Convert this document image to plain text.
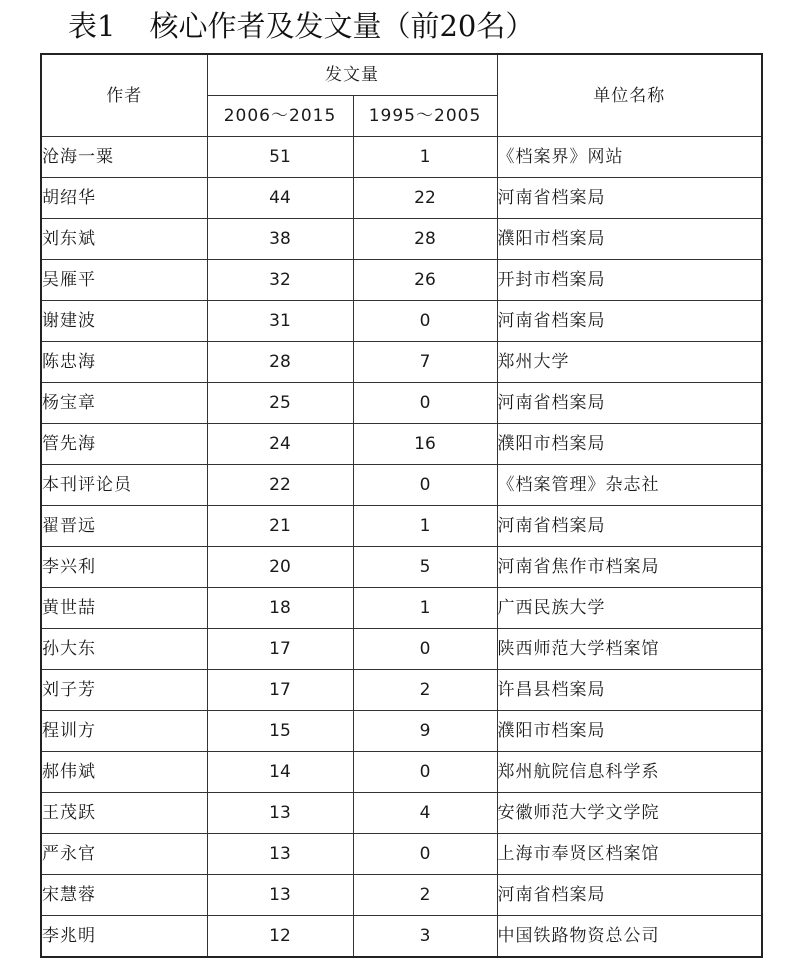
表1 核心作者及发文量（前20名）
作者	发文量		单位名称
	2006～2015	1995～2005	
沧海一粟	51	1	《档案界》网站
胡绍华	44	22	河南省档案局
刘东斌	38	28	濮阳市档案局
吴雁平	32	26	开封市档案局
谢建波	31	0	河南省档案局
陈忠海	28	7	郑州大学
杨宝章	25	0	河南省档案局
管先海	24	16	濮阳市档案局
本刊评论员	22	0	《档案管理》杂志社
翟晋远	21	1	河南省档案局
李兴利	20	5	河南省焦作市档案局
黄世喆	18	1	广西民族大学
孙大东	17	0	陕西师范大学档案馆
刘子芳	17	2	许昌县档案局
程训方	15	9	濮阳市档案局
郝伟斌	14	0	郑州航院信息科学系
王茂跃	13	4	安徽师范大学文学院
严永官	13	0	上海市奉贤区档案馆
宋慧蓉	13	2	河南省档案局
李兆明	12	3	中国铁路物资总公司
